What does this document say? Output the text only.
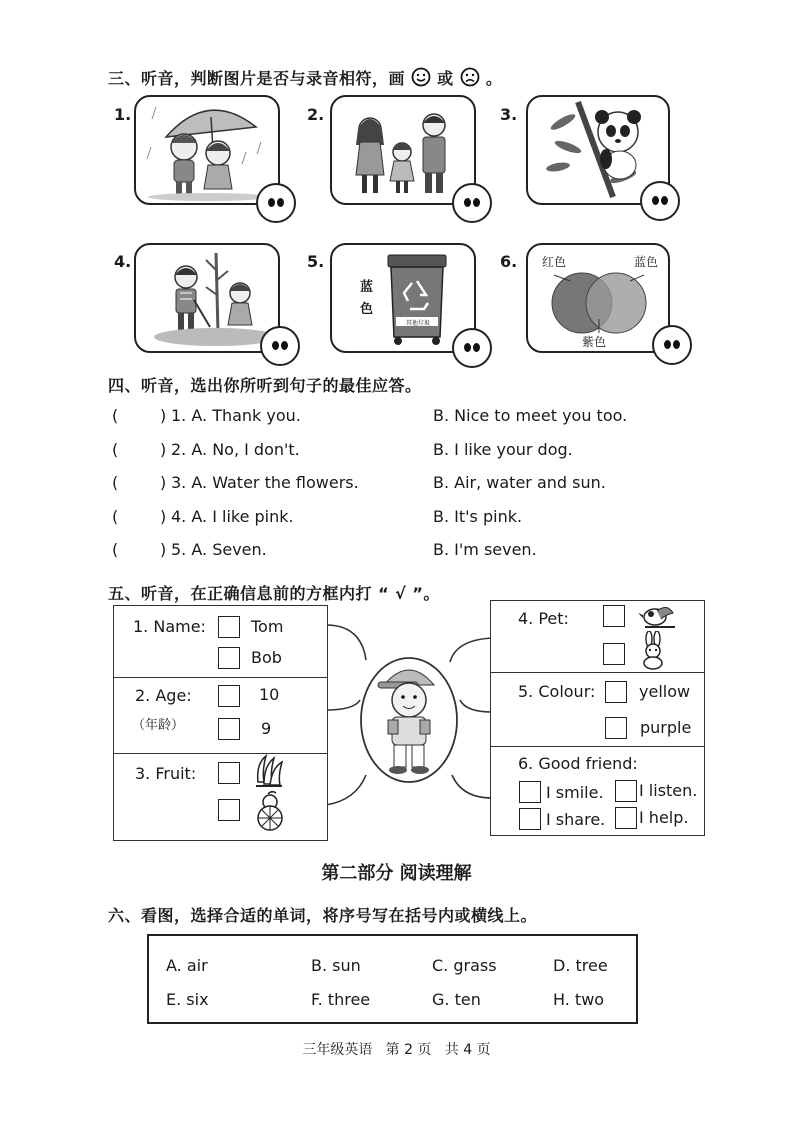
三、听音，判断图片是否与录音相符，画 或 。
1.	2.	3.
4.	5.	6.
蓝色
其他垃圾
红色	蓝色
紫色
四、听音，选出你所听到句子的最佳应答。
(	) 1. A. Thank you.	B. Nice to meet you too.
(	) 2. A. No, I don't.	B. I like your dog.
(	) 3. A. Water the flowers.	B. Air, water and sun.
(	) 4. A. I like pink.	B. It's pink.
(	) 5. A. Seven.	B. I'm seven.
五、听音，在正确信息前的方框内打 “ √ ”。
1. Name:	Tom
Bob
2. Age:
（年龄）
10
9
3. Fruit:
4. Pet:
5. Colour:	yellow
purple
6. Good friend:
I smile. I listen.
I share. I help.
第二部分 阅读理解
六、看图，选择合适的单词，将序号写在括号内或横线上。
A. air	B. sun	C. grass	D. tree
E. six	F. three	G. ten	H. two
三年级英语   第 2 页   共 4 页
